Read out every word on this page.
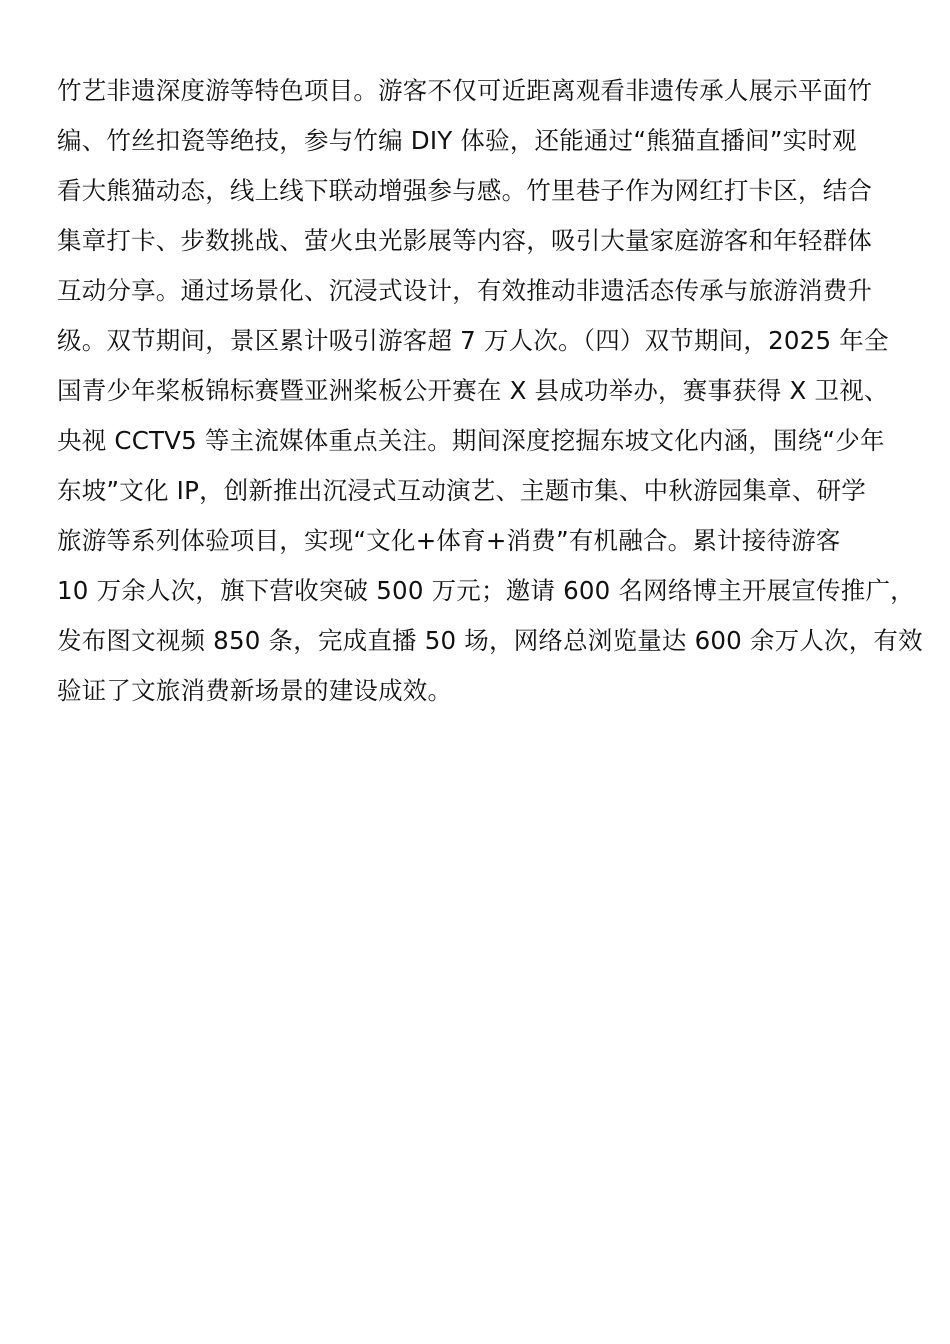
竹艺非遗深度游等特色项目。游客不仅可近距离观看非遗传承人展示平面竹
编、竹丝扣瓷等绝技，参与竹编 DIY 体验，还能通过“熊猫直播间”实时观
看大熊猫动态，线上线下联动增强参与感。竹里巷子作为网红打卡区，结合
集章打卡、步数挑战、萤火虫光影展等内容，吸引大量家庭游客和年轻群体
互动分享。通过场景化、沉浸式设计，有效推动非遗活态传承与旅游消费升
级。双节期间，景区累计吸引游客超 7 万人次。（四）双节期间，2025 年全
国青少年桨板锦标赛暨亚洲桨板公开赛在 X 县成功举办，赛事获得 X 卫视、
央视 CCTV5 等主流媒体重点关注。期间深度挖掘东坡文化内涵，围绕“少年
东坡”文化 IP，创新推出沉浸式互动演艺、主题市集、中秋游园集章、研学
旅游等系列体验项目，实现“文化+体育+消费”有机融合。累计接待游客
10 万余人次，旗下营收突破 500 万元；邀请 600 名网络博主开展宣传推广，
发布图文视频 850 条，完成直播 50 场，网络总浏览量达 600 余万人次，有效
验证了文旅消费新场景的建设成效。
